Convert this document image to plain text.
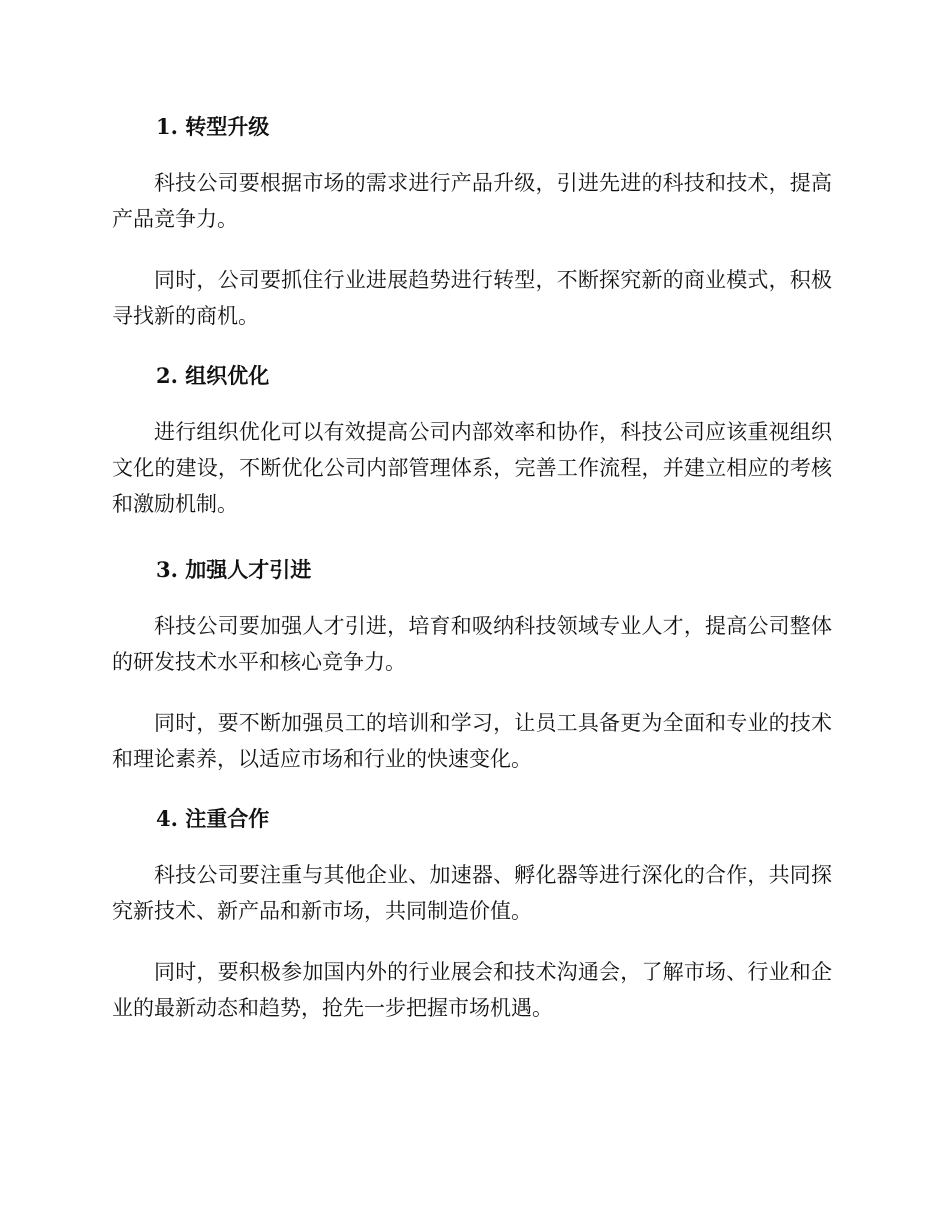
1. 转型升级
科技公司要根据市场的需求进行产品升级，引进先进的科技和技术，提高产品竞争力。
同时，公司要抓住行业进展趋势进行转型，不断探究新的商业模式，积极寻找新的商机。
2. 组织优化
进行组织优化可以有效提高公司内部效率和协作，科技公司应该重视组织文化的建设，不断优化公司内部管理体系，完善工作流程，并建立相应的考核和激励机制。
3. 加强人才引进
科技公司要加强人才引进，培育和吸纳科技领域专业人才，提高公司整体的研发技术水平和核心竞争力。
同时，要不断加强员工的培训和学习，让员工具备更为全面和专业的技术和理论素养，以适应市场和行业的快速变化。
4. 注重合作
科技公司要注重与其他企业、加速器、孵化器等进行深化的合作，共同探究新技术、新产品和新市场，共同制造价值。
同时，要积极参加国内外的行业展会和技术沟通会，了解市场、行业和企业的最新动态和趋势，抢先一步把握市场机遇。
